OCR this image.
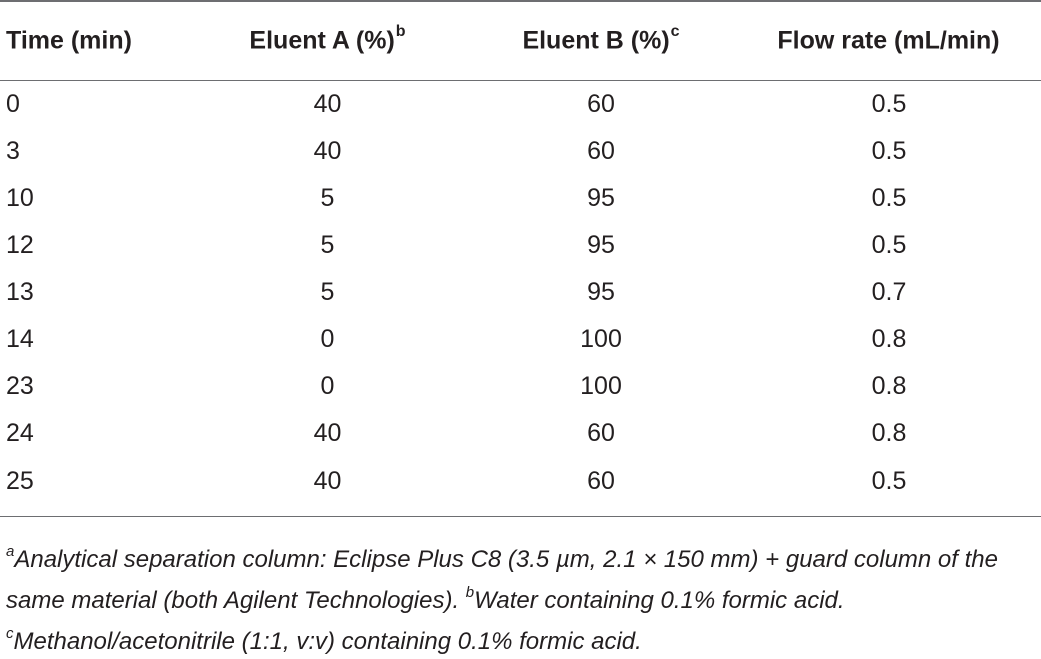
Time (min)	Eluent A (%)$^b$	Eluent B (%)$^c$	Flow rate (mL/min)
0	40	60	0.5
3	40	60	0.5
10	5	95	0.5
12	5	95	0.5
13	5	95	0.7
14	0	100	0.8
23	0	100	0.8
24	40	60	0.8
25	40	60	0.5
$^a$Analytical separation column: Eclipse Plus C8 (3.5 µm, 2.1 × 150 mm) + guard column of the same material (both Agilent Technologies). $^b$Water containing 0.1% formic acid. $^c$Methanol/acetonitrile (1:1, v:v) containing 0.1% formic acid.
